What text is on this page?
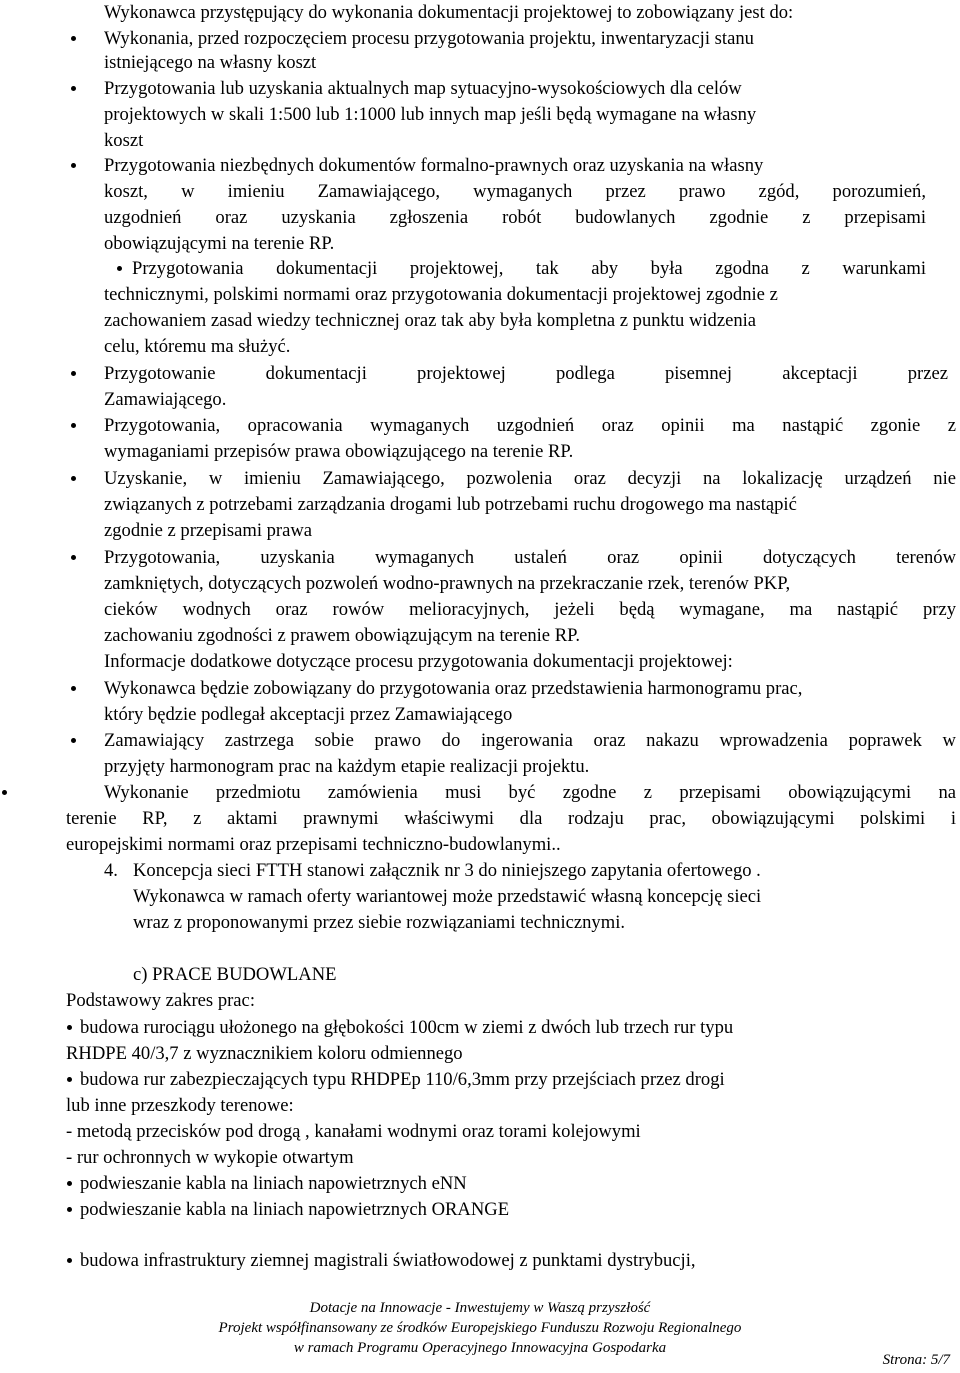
Wykonawca przystępujący do wykonania dokumentacji projektowej to zobowiązany jest do:

Wykonania, przed rozpoczęciem procesu przygotowania projektu, inwentaryzacji stanu

istniejącego na własny koszt

Przygotowania lub uzyskania aktualnych map sytuacyjno-wysokościowych dla celów

projektowych w skali 1:500 lub 1:1000 lub innych map jeśli będą wymagane na własny

koszt

Przygotowania niezbędnych dokumentów formalno-prawnych oraz uzyskania na własny

koszt, w imieniu Zamawiającego, wymaganych przez prawo zgód, porozumień,

uzgodnień oraz uzyskania zgłoszenia robót budowlanych zgodnie z przepisami

obowiązującymi na terenie RP.

Przygotowania dokumentacji projektowej, tak aby była zgodna z warunkami

technicznymi, polskimi normami oraz przygotowania dokumentacji projektowej zgodnie z

zachowaniem zasad wiedzy technicznej oraz tak aby była kompletna z punktu widzenia

celu, któremu ma służyć.

Przygotowanie dokumentacji projektowej podlega pisemnej akceptacji przez

Zamawiającego.

Przygotowania, opracowania wymaganych uzgodnień oraz opinii ma nastąpić zgonie z

wymaganiami przepisów prawa obowiązującego na terenie RP.

Uzyskanie, w imieniu Zamawiającego, pozwolenia oraz decyzji na lokalizację urządzeń nie

związanych z potrzebami zarządzania drogami lub potrzebami ruchu drogowego ma nastąpić

zgodnie z przepisami prawa

Przygotowania, uzyskania wymaganych ustaleń oraz opinii dotyczących terenów

zamkniętych, dotyczących pozwoleń wodno-prawnych na przekraczanie rzek, terenów PKP,

cieków wodnych oraz rowów melioracyjnych, jeżeli będą wymagane, ma nastąpić przy

zachowaniu zgodności z prawem obowiązującym na terenie RP.

Informacje dodatkowe dotyczące procesu przygotowania dokumentacji projektowej:

Wykonawca będzie zobowiązany do przygotowania oraz przedstawienia harmonogramu prac,

który będzie podlegał akceptacji przez Zamawiającego

Zamawiający zastrzega sobie prawo do ingerowania oraz nakazu wprowadzenia poprawek w

przyjęty harmonogram prac na każdym etapie realizacji projektu.

Wykonanie przedmiotu zamówienia musi być zgodne z przepisami obowiązującymi na

terenie RP, z aktami prawnymi właściwymi dla rodzaju prac, obowiązującymi polskimi i

europejskimi normami oraz przepisami techniczno-budowlanymi..

4. Koncepcja sieci FTTH stanowi załącznik nr 3 do niniejszego zapytania ofertowego .

Wykonawca w ramach oferty wariantowej może przedstawić własną koncepcję sieci

wraz z proponowanymi przez siebie rozwiązaniami technicznymi.

c) PRACE BUDOWLANE

Podstawowy zakres prac:

budowa rurociągu ułożonego na głębokości 100cm w ziemi z dwóch lub trzech rur typu

RHDPE 40/3,7 z wyznacznikiem koloru odmiennego

budowa rur zabezpieczających typu RHDPEp 110/6,3mm przy przejściach przez drogi

lub inne przeszkody terenowe:

- metodą przecisków pod drogą , kanałami wodnymi oraz torami kolejowymi

- rur ochronnych w wykopie otwartym

podwieszanie kabla na liniach napowietrznych eNN

podwieszanie kabla na liniach napowietrznych ORANGE

budowa infrastruktury ziemnej magistrali światłowodowej z punktami dystrybucji,

Dotacje na Innowacje - Inwestujemy w Waszą przyszłość
Projekt współfinansowany ze środków Europejskiego Funduszu Rozwoju Regionalnego
w ramach Programu Operacyjnego Innowacyjna Gospodarka
Strona: 5/7
